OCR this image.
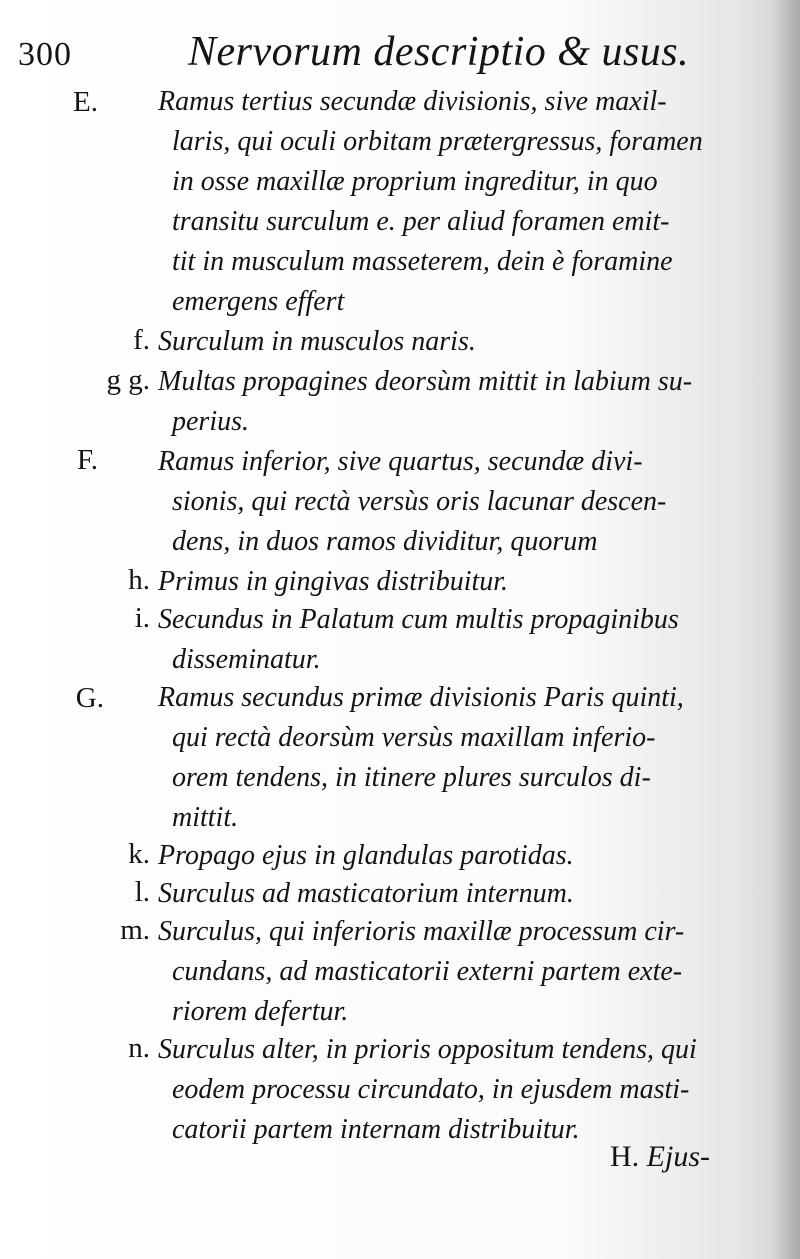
300	Nervorum descriptio & usus.
E. Ramus tertius secundæ divisionis, sive maxil-
laris, qui oculi orbitam prætergressus, foramen
in osse maxillæ proprium ingreditur, in quo
transitu surculum e. per aliud foramen emit-
tit in musculum masseterem, dein è foramine
emergens effert
f. Surculum in musculos naris.
g g. Multas propagines deorsùm mittit in labium su-
perius.
F. Ramus inferior, sive quartus, secundæ divi-
sionis, qui rectà versùs oris lacunar descen-
dens, in duos ramos dividitur, quorum
h. Primus in gingivas distribuitur.
i. Secundus in Palatum cum multis propaginibus
disseminatur.
G. Ramus secundus primæ divisionis Paris quinti,
qui rectà deorsùm versùs maxillam inferio-
orem tendens, in itinere plures surculos di-
mittit.
k. Propago ejus in glandulas parotidas.
l. Surculus ad masticatorium internum.
m. Surculus, qui inferioris maxillæ processum cir-
cundans, ad masticatorii externi partem exte-
riorem defertur.
n. Surculus alter, in prioris oppositum tendens, qui
eodem processu circundato, in ejusdem masti-
catorii partem internam distribuitur.
H. Ejus-
